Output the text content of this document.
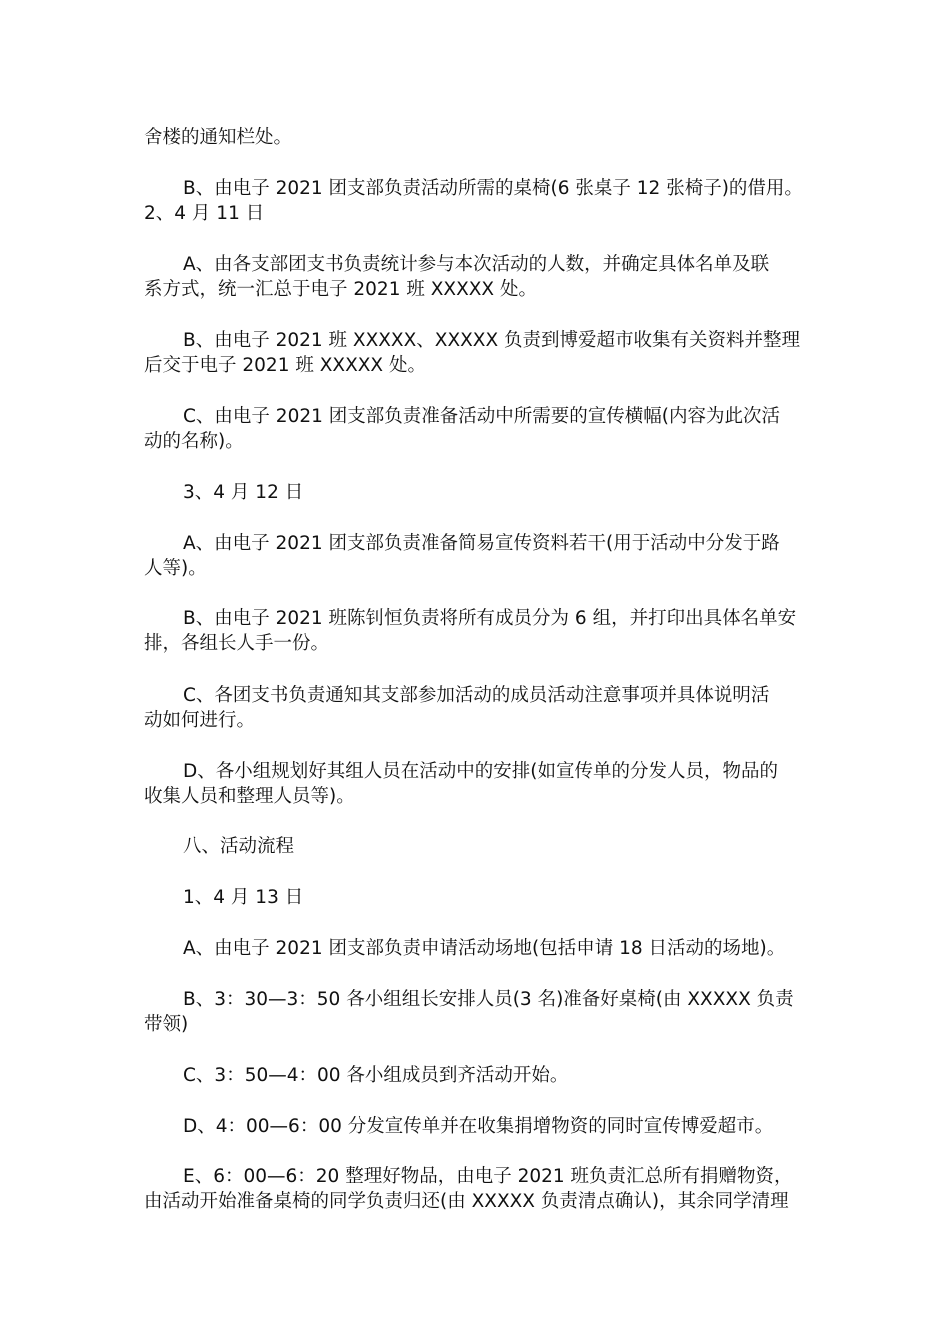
舍楼的通知栏处。
B、由电子 2021 团支部负责活动所需的桌椅(6 张桌子 12 张椅子)的借用。
2、4 月 11 日
A、由各支部团支书负责统计参与本次活动的人数，并确定具体名单及联
系方式，统一汇总于电子 2021 班 XXXXX 处。
B、由电子 2021 班 XXXXX、XXXXX 负责到博爱超市收集有关资料并整理
后交于电子 2021 班 XXXXX 处。
C、由电子 2021 团支部负责准备活动中所需要的宣传横幅(内容为此次活
动的名称)。
3、4 月 12 日
A、由电子 2021 团支部负责准备简易宣传资料若干(用于活动中分发于路
人等)。
B、由电子 2021 班陈钊恒负责将所有成员分为 6 组，并打印出具体名单安
排，各组长人手一份。
C、各团支书负责通知其支部参加活动的成员活动注意事项并具体说明活
动如何进行。
D、各小组规划好其组人员在活动中的安排(如宣传单的分发人员，物品的
收集人员和整理人员等)。
八、活动流程
1、4 月 13 日
A、由电子 2021 团支部负责申请活动场地(包括申请 18 日活动的场地)。
B、3：30—3：50 各小组组长安排人员(3 名)准备好桌椅(由 XXXXX 负责
带领)
C、3：50—4：00 各小组成员到齐活动开始。
D、4：00—6：00 分发宣传单并在收集捐增物资的同时宣传博爱超市。
E、6：00—6：20 整理好物品，由电子 2021 班负责汇总所有捐赠物资，
由活动开始准备桌椅的同学负责归还(由 XXXXX 负责清点确认)，其余同学清理
